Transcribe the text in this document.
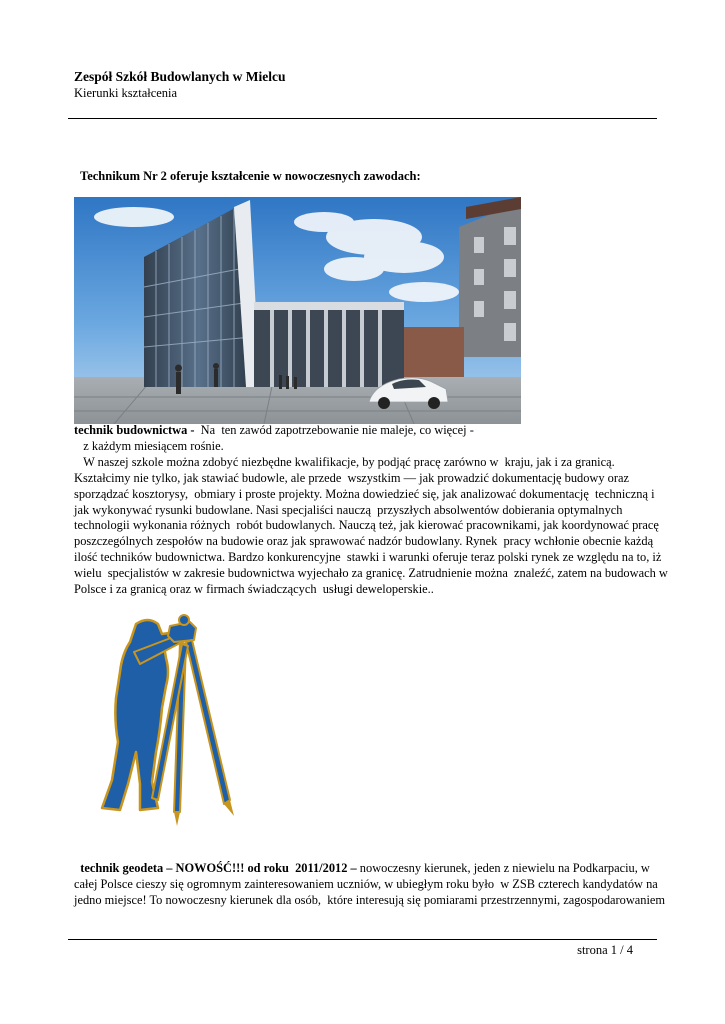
Zespół Szkół Budowlanych w Mielcu
Kierunki kształcenia
Technikum Nr 2 oferuje kształcenie w nowoczesnych zawodach:
technik budownictwa -  Na  ten zawód zapotrzebowanie nie maleje, co więcej -
z każdym miesiącem rośnie.
W naszej szkole można zdobyć niezbędne kwalifikacje, by podjąć pracę zarówno w  kraju, jak i za granicą.
Kształcimy nie tylko, jak stawiać budowle, ale przede  wszystkim — jak prowadzić dokumentację budowy oraz
sporządzać kosztorysy,  obmiary i proste projekty. Można dowiedzieć się, jak analizować dokumentację  techniczną i
jak wykonywać rysunki budowlane. Nasi specjaliści nauczą  przyszłych absolwentów dobierania optymalnych
technologii wykonania różnych  robót budowlanych. Nauczą też, jak kierować pracownikami, jak koordynować pracę
poszczególnych zespołów na budowie oraz jak sprawować nadzór budowlany. Rynek  pracy wchłonie obecnie każdą
ilość techników budownictwa. Bardzo konkurencyjne  stawki i warunki oferuje teraz polski rynek ze względu na to, iż
wielu  specjalistów w zakresie budownictwa wyjechało za granicę. Zatrudnienie można  znaleźć, zatem na budowach w
Polsce i za granicą oraz w firmach świadczących  usługi deweloperskie..
technik geodeta – NOWOŚĆ!!! od roku  2011/2012 – nowoczesny kierunek, jeden z niewielu na Podkarpaciu, w
całej Polsce cieszy się ogromnym zainteresowaniem uczniów, w ubiegłym roku było  w ZSB czterech kandydatów na
jedno miejsce! To nowoczesny kierunek dla osób,  które interesują się pomiarami przestrzennymi, zagospodarowaniem
strona 1 / 4
